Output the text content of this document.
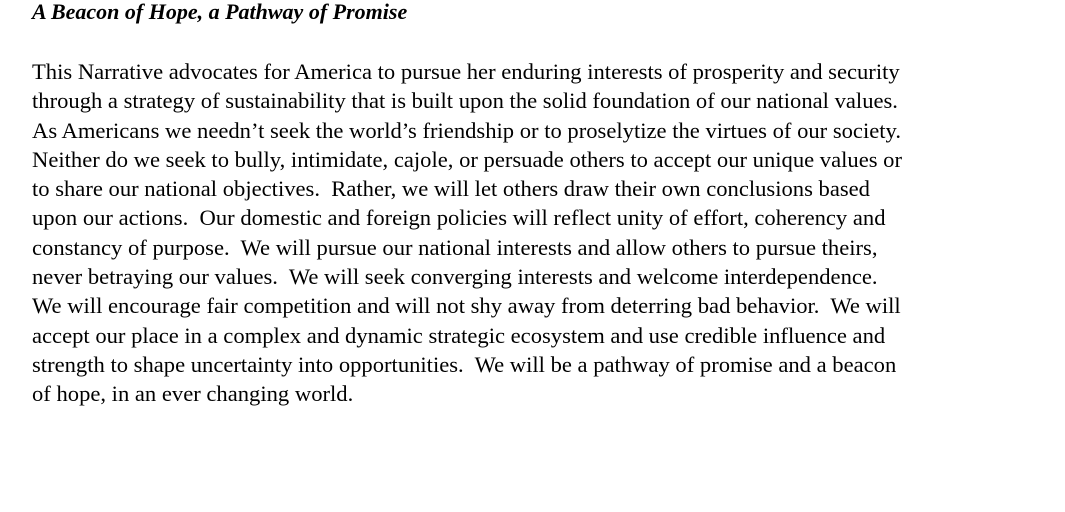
A Beacon of Hope, a Pathway of Promise
This Narrative advocates for America to pursue her enduring interests of prosperity and security
through a strategy of sustainability that is built upon the solid foundation of our national values.
As Americans we needn’t seek the world’s friendship or to proselytize the virtues of our society.
Neither do we seek to bully, intimidate, cajole, or persuade others to accept our unique values or
to share our national objectives.  Rather, we will let others draw their own conclusions based
upon our actions.  Our domestic and foreign policies will reflect unity of effort, coherency and
constancy of purpose.  We will pursue our national interests and allow others to pursue theirs,
never betraying our values.  We will seek converging interests and welcome interdependence.
We will encourage fair competition and will not shy away from deterring bad behavior.  We will
accept our place in a complex and dynamic strategic ecosystem and use credible influence and
strength to shape uncertainty into opportunities.  We will be a pathway of promise and a beacon
of hope, in an ever changing world.
